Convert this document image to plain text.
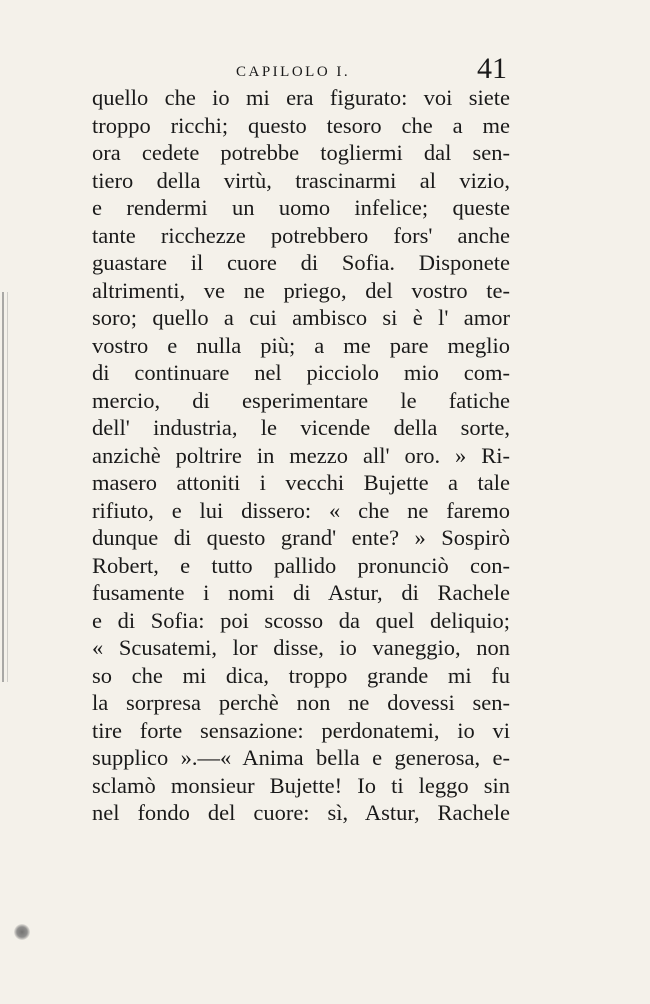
CAPILOLO I.	41
quello che io mi era figurato: voi siete
troppo ricchi; questo tesoro che a me
ora cedete potrebbe togliermi dal sen-
tiero della virtù, trascinarmi al vizio,
e rendermi un uomo infelice; queste
tante ricchezze potrebbero fors' anche
guastare il cuore di Sofia. Disponete
altrimenti, ve ne priego, del vostro te-
soro; quello a cui ambisco si è l' amor
vostro e nulla più; a me pare meglio
di continuare nel picciolo mio com-
mercio, di esperimentare le fatiche
dell' industria, le vicende della sorte,
anzichè poltrire in mezzo all' oro. » Ri-
masero attoniti i vecchi Bujette a tale
rifiuto, e lui dissero: « che ne faremo
dunque di questo grand' ente? » Sospirò
Robert, e tutto pallido pronunciò con-
fusamente i nomi di Astur, di Rachele
e di Sofia: poi scosso da quel deliquio;
« Scusatemi, lor disse, io vaneggio, non
so che mi dica, troppo grande mi fu
la sorpresa perchè non ne dovessi sen-
tire forte sensazione: perdonatemi, io vi
supplico ».—« Anima bella e generosa, e-
sclamò monsieur Bujette! Io ti leggo sin
nel fondo del cuore: sì, Astur, Rachele
